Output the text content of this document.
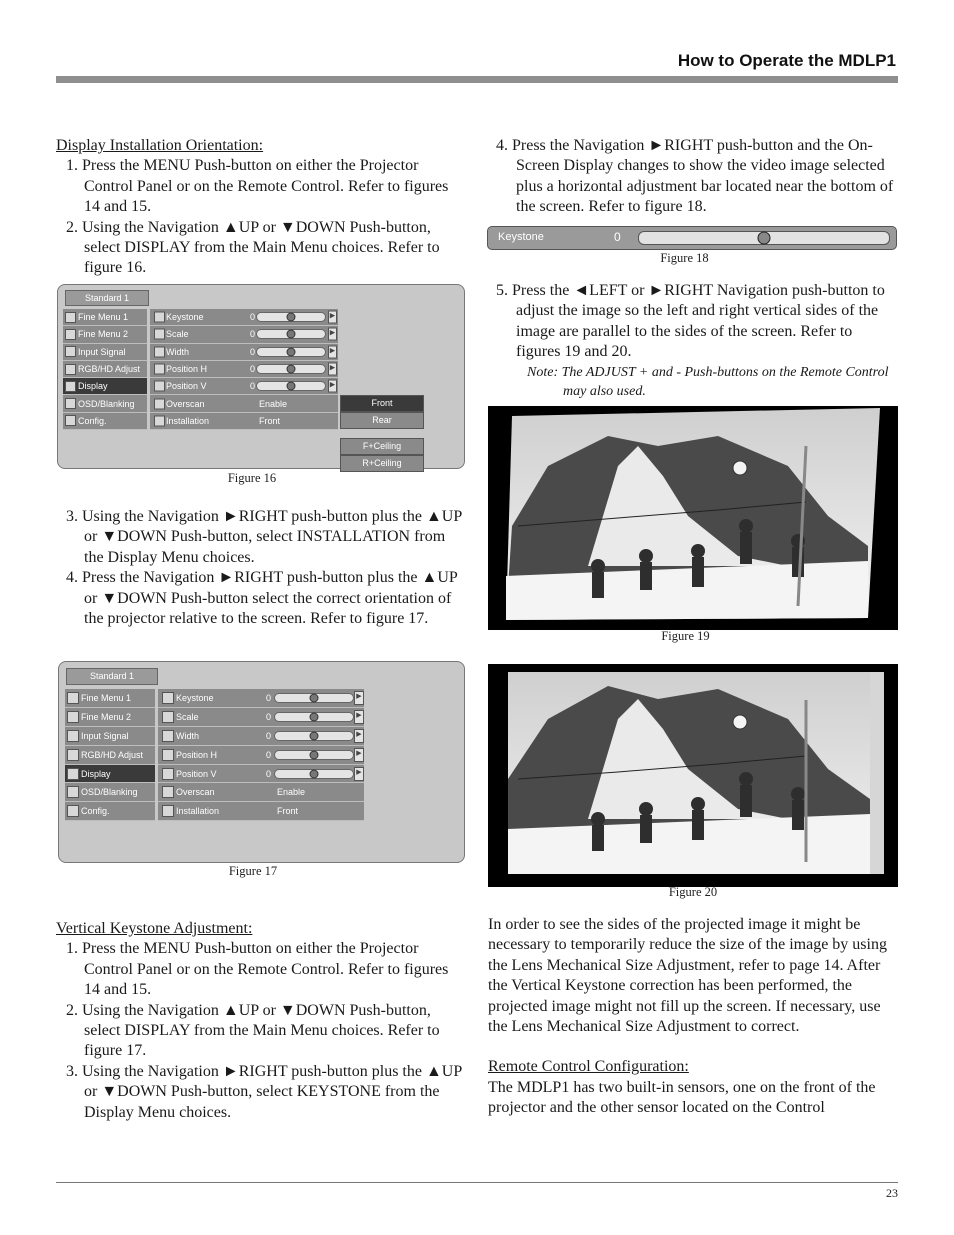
How to Operate the MDLP1

Display Installation Orientation:

1. Press the MENU Push-button on either the Projector Control Panel or on the Remote Control. Refer to figures 14 and 15.

2. Using the Navigation ▲UP or ▼DOWN Push-button, select DISPLAY from the Main Menu choices. Refer to figure 16.

Standard 1
Fine Menu 1
Fine Menu 2
Input Signal
RGB/HD Adjust
Display
OSD/Blanking
Config.
Keystone	0	▶
Scale	0	▶
Width	0	▶
Position H	0	▶
Position V	0	▶
Overscan	Enable
Installation	Front
Front
Rear
F+Ceiling
R+Ceiling
Figure 16

3. Using the Navigation ►RIGHT push-button plus the ▲UP or ▼DOWN Push-button, select INSTALLATION from the Display Menu choices.

4. Press the Navigation ►RIGHT push-button plus the ▲UP or ▼DOWN Push-button select the correct orientation of the projector relative to the screen. Refer to figure 17.

Standard 1
Fine Menu 1
Fine Menu 2
Input Signal
RGB/HD Adjust
Display
OSD/Blanking
Config.
Keystone	0	▶
Scale	0	▶
Width	0	▶
Position H	0	▶
Position V	0	▶
Overscan	Enable
Installation	Front
Figure 17

Vertical Keystone Adjustment:

1. Press the MENU Push-button on either the Projector Control Panel or on the Remote Control. Refer to figures 14 and 15.

2. Using the Navigation ▲UP or ▼DOWN Push-button, select DISPLAY from the Main Menu choices. Refer to figure 17.

3. Using the Navigation ►RIGHT push-button plus the ▲UP or ▼DOWN Push-button, select KEYSTONE from the Display Menu choices.

4. Press the Navigation ►RIGHT push-button and the On-Screen Display changes to show the video image selected plus a horizontal adjustment bar located near the bottom of the screen. Refer to figure 18.

Keystone	0
Figure 18

5. Press the ◄LEFT or ►RIGHT Navigation push-button to adjust the image so the left and right vertical sides of the image are parallel to the sides of the screen. Refer to figures 19 and 20.

Note: The ADJUST + and - Push-buttons on the Remote Control may also used.

Figure 19
Figure 20

In order to see the sides of the projected image it might be necessary to temporarily reduce the size of the image by using the Lens Mechanical Size Adjustment, refer to page 14. After the Vertical Keystone correction has been performed, the projected image might not fill up the screen. If necessary, use the Lens Mechanical Size Adjustment to correct.

Remote Control Configuration:

The MDLP1 has two built-in sensors, one on the front of the projector and the other sensor located on the Control

23
